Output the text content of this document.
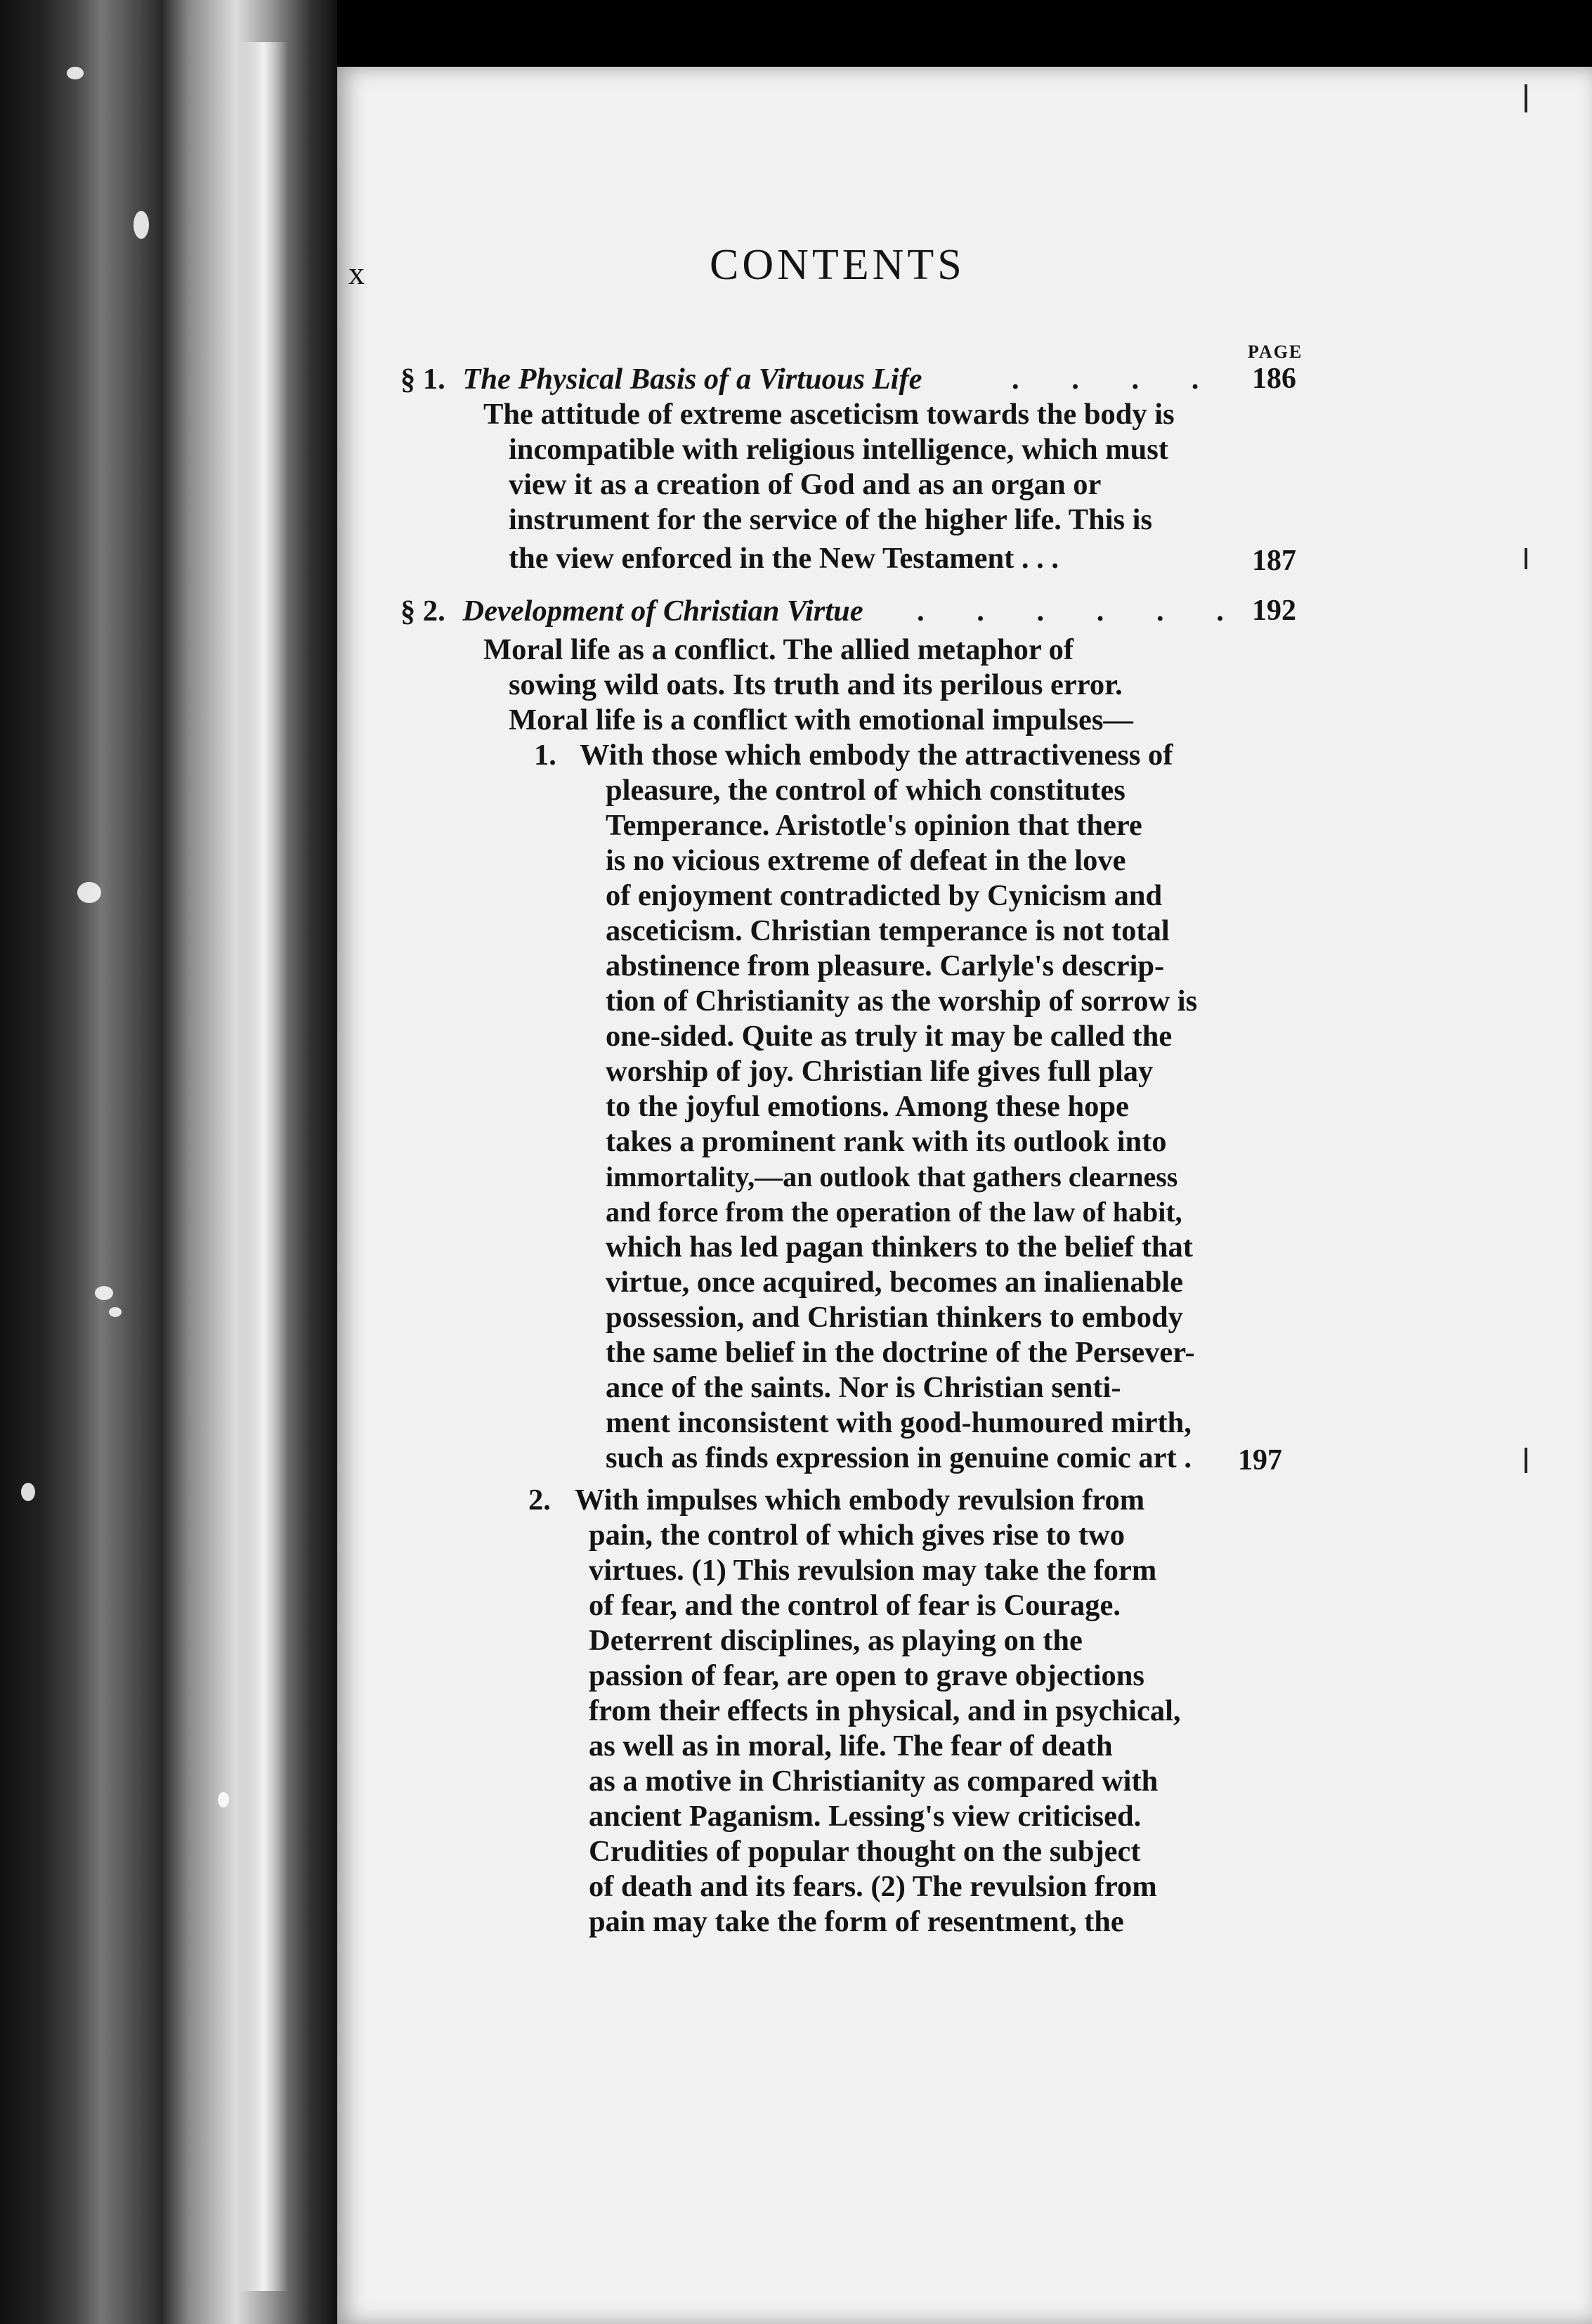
x	CONTENTS
PAGE
§ 1. The Physical Basis of a Virtuous Life	. . . . 186
The attitude of extreme asceticism towards the body is
incompatible with religious intelligence, which must
view it as a creation of God and as an organ or
instrument for the service of the higher life. This is
the view enforced in the New Testament . . .	187
§ 2. Development of Christian Virtue . . . . . . 192
Moral life as a conflict. The allied metaphor of
sowing wild oats. Its truth and its perilous error.
Moral life is a conflict with emotional impulses—
1. With those which embody the attractiveness of
pleasure, the control of which constitutes
Temperance. Aristotle's opinion that there
is no vicious extreme of defeat in the love
of enjoyment contradicted by Cynicism and
asceticism. Christian temperance is not total
abstinence from pleasure. Carlyle's descrip-
tion of Christianity as the worship of sorrow is
one-sided. Quite as truly it may be called the
worship of joy. Christian life gives full play
to the joyful emotions. Among these hope
takes a prominent rank with its outlook into
immortality,—an outlook that gathers clearness
and force from the operation of the law of habit,
which has led pagan thinkers to the belief that
virtue, once acquired, becomes an inalienable
possession, and Christian thinkers to embody
the same belief in the doctrine of the Persever-
ance of the saints. Nor is Christian senti-
ment inconsistent with good-humoured mirth,
such as finds expression in genuine comic art . 197
2. With impulses which embody revulsion from
pain, the control of which gives rise to two
virtues. (1) This revulsion may take the form
of fear, and the control of fear is Courage.
Deterrent disciplines, as playing on the
passion of fear, are open to grave objections
from their effects in physical, and in psychical,
as well as in moral, life. The fear of death
as a motive in Christianity as compared with
ancient Paganism. Lessing's view criticised.
Crudities of popular thought on the subject
of death and its fears. (2) The revulsion from
pain may take the form of resentment, the
